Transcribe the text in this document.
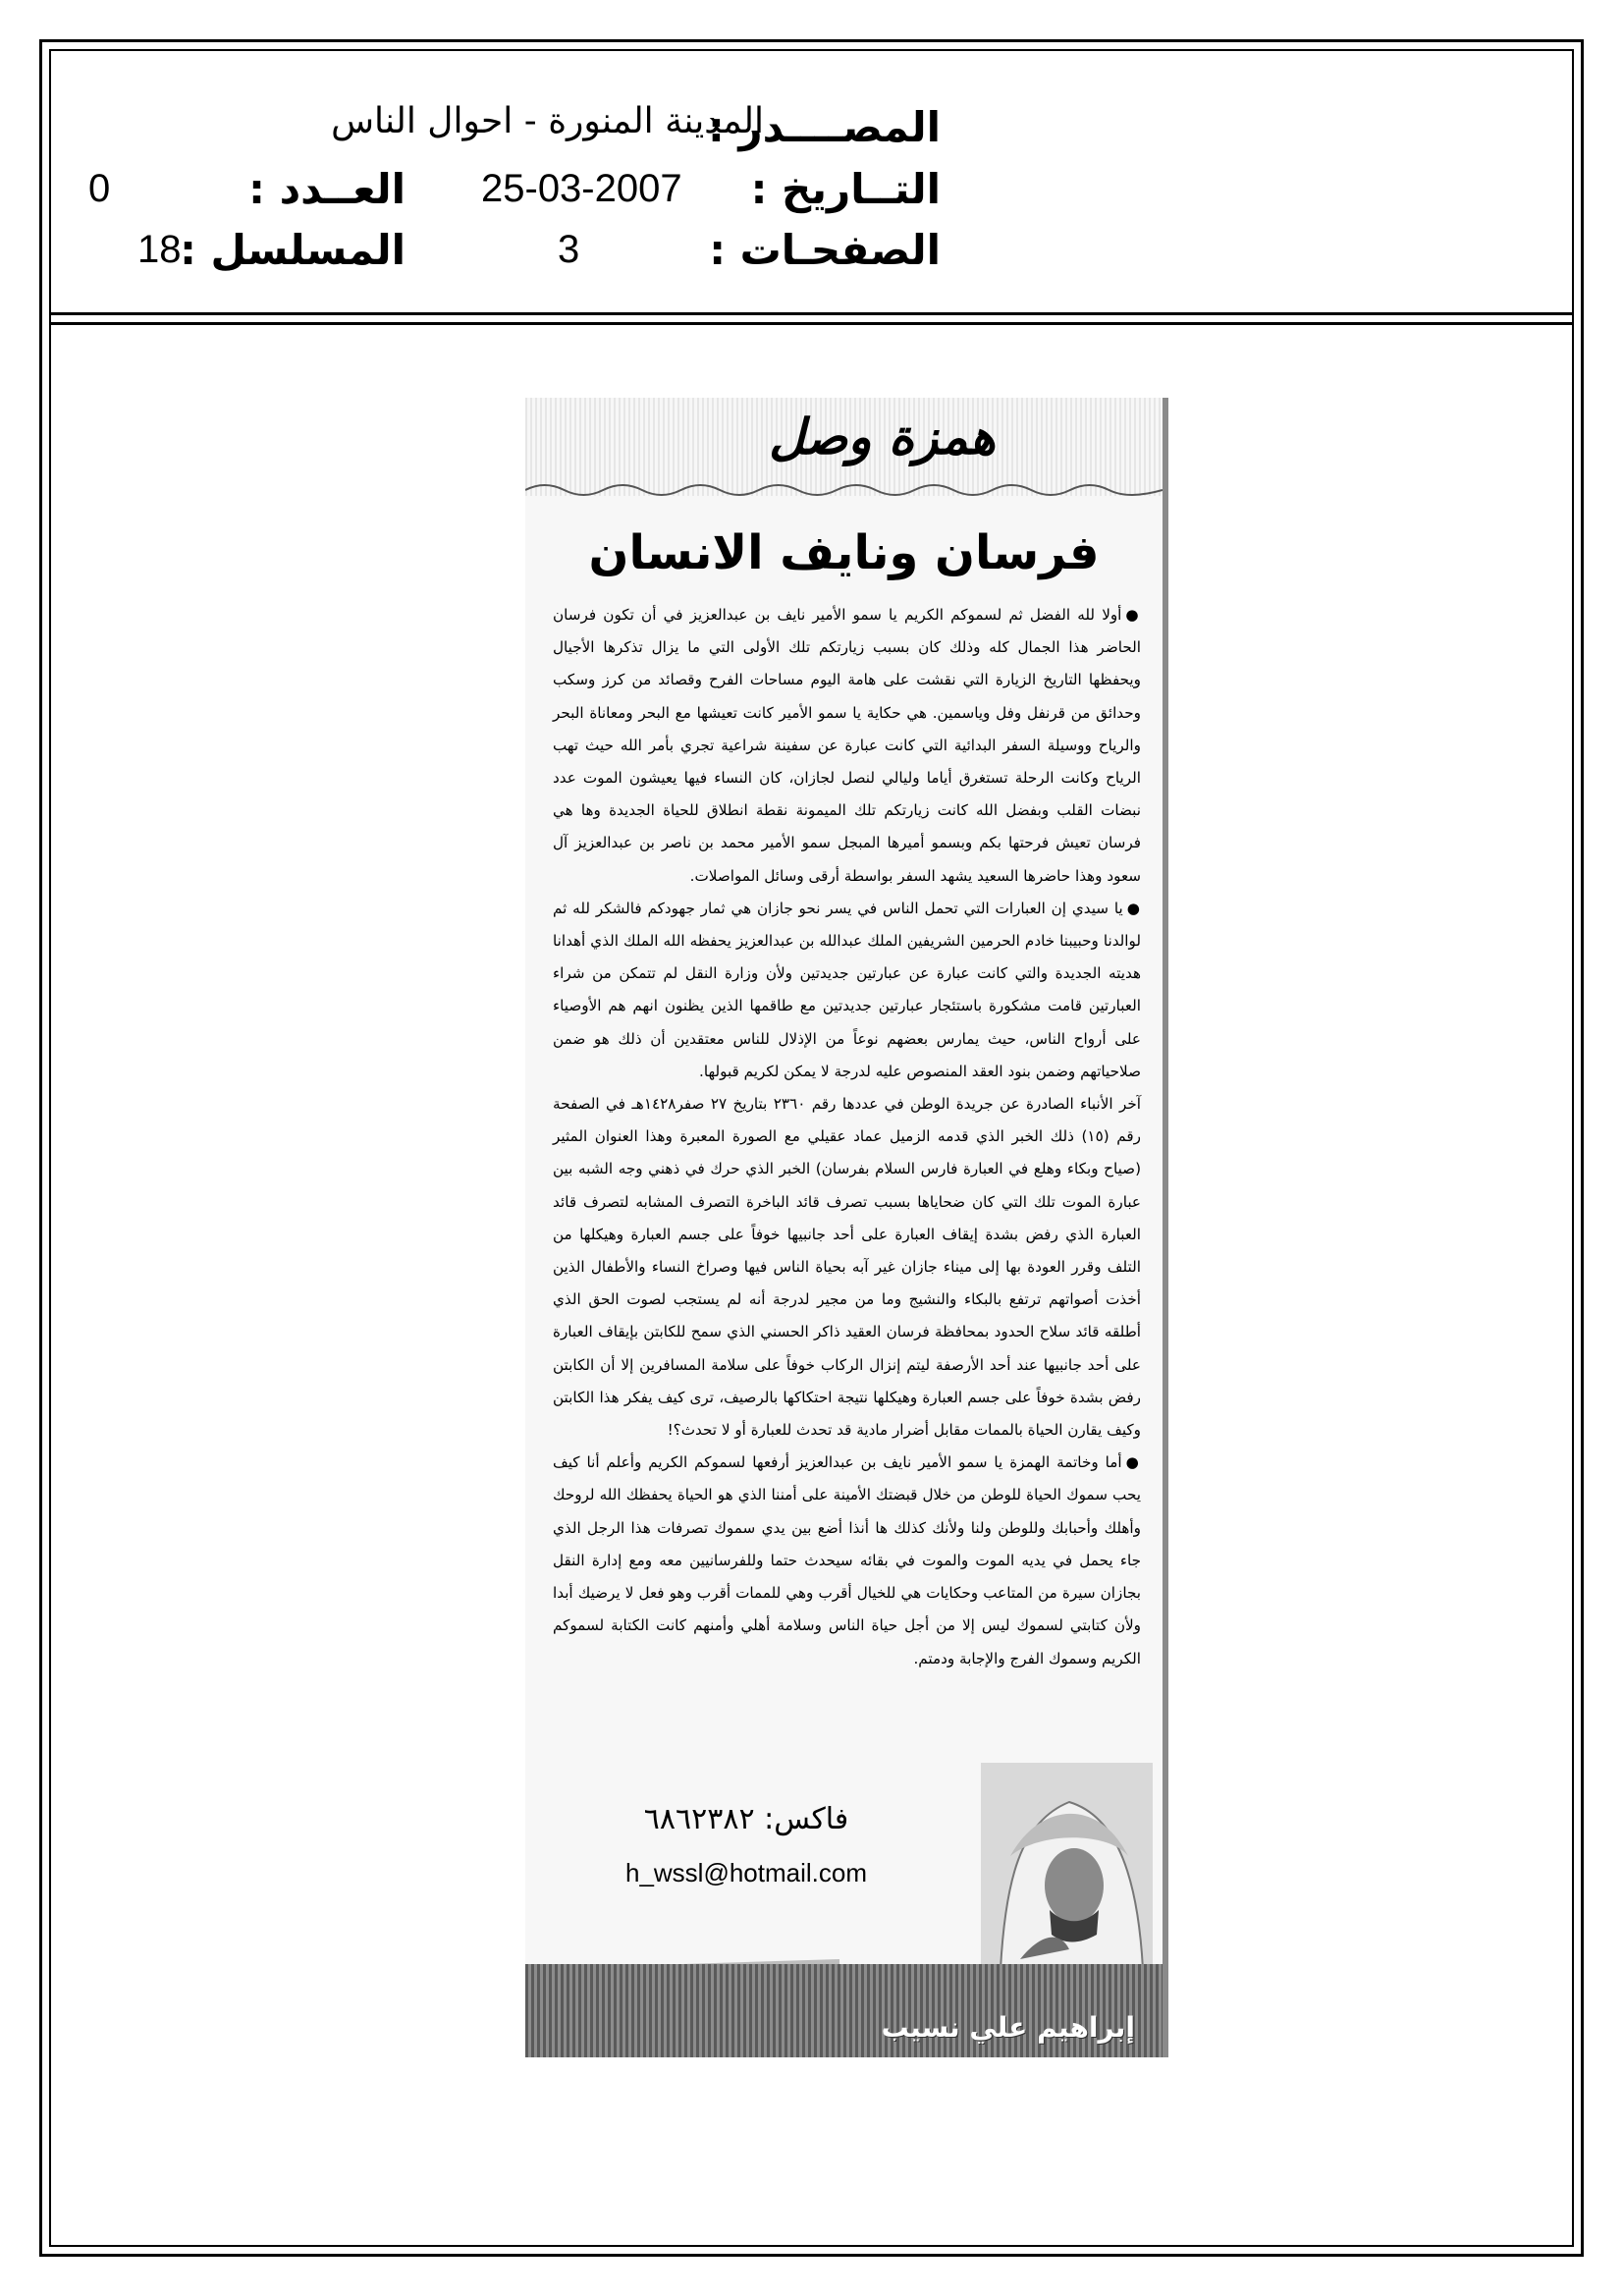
المصــــدر :
المدينة المنورة - احوال الناس
التــاريخ :
25-03-2007
العــدد :
0
الصفحـات :
3
المسلسل :
18
همزة وصل
فرسان ونايف الانسان

●أولا لله الفضل ثم لسموكم الكريم يا سمو الأمير نايف بن عبدالعزيز في أن تكون فرسان الحاضر هذا الجمال كله وذلك كان بسبب زيارتكم تلك الأولى التي ما يزال تذكرها الأجيال ويحفظها التاريخ الزيارة التي نقشت على هامة اليوم مساحات الفرح وقصائد من كرز وسكب وحدائق من قرنفل وفل وياسمين. هي حكاية يا سمو الأمير كانت تعيشها مع البحر ومعاناة البحر والرياح ووسيلة السفر البدائية التي كانت عبارة عن سفينة شراعية تجري بأمر الله حيث تهب الرياح وكانت الرحلة تستغرق أياما وليالي لنصل لجازان، كان النساء فيها يعيشون الموت عدد نبضات القلب وبفضل الله كانت زيارتكم تلك الميمونة نقطة انطلاق للحياة الجديدة وها هي فرسان تعيش فرحتها بكم وبسمو أميرها المبجل سمو الأمير محمد بن ناصر بن عبدالعزيز آل سعود وهذا حاضرها السعيد يشهد السفر بواسطة أرقى وسائل المواصلات.

●يا سيدي إن العبارات التي تحمل الناس في يسر نحو جازان هي ثمار جهودكم فالشكر لله ثم لوالدنا وحبيبنا خادم الحرمين الشريفين الملك عبدالله بن عبدالعزيز يحفظه الله الملك الذي أهدانا هديته الجديدة والتي كانت عبارة عن عبارتين جديدتين ولأن وزارة النقل لم تتمكن من شراء العبارتين قامت مشكورة باستئجار عبارتين جديدتين مع طاقمها الذين يظنون انهم هم الأوصياء على أرواح الناس، حيث يمارس بعضهم نوعاً من الإذلال للناس معتقدين أن ذلك هو ضمن صلاحياتهم وضمن بنود العقد المنصوص عليه لدرجة لا يمكن لكريم قبولها.

آخر الأنباء الصادرة عن جريدة الوطن في عددها رقم ٢٣٦٠ بتاريخ ٢٧ صفر١٤٢٨هـ في الصفحة رقم (١٥) ذلك الخبر الذي قدمه الزميل عماد عقيلي مع الصورة المعبرة وهذا العنوان المثير (صياح وبكاء وهلع في العبارة فارس السلام بفرسان) الخبر الذي حرك في ذهني وجه الشبه بين عبارة الموت تلك التي كان ضحاياها بسبب تصرف قائد الباخرة التصرف المشابه لتصرف قائد العبارة الذي رفض بشدة إيقاف العبارة على أحد جانبيها خوفاً على جسم العبارة وهيكلها من التلف وقرر العودة بها إلى ميناء جازان غير آبه بحياة الناس فيها وصراخ النساء والأطفال الذين أخذت أصواتهم ترتفع بالبكاء والنشيج وما من مجير لدرجة أنه لم يستجب لصوت الحق الذي أطلقه قائد سلاح الحدود بمحافظة فرسان العقيد ذاكر الحسني الذي سمح للكابتن بإيقاف العبارة على أحد جانبيها عند أحد الأرصفة ليتم إنزال الركاب خوفاً على سلامة المسافرين إلا أن الكابتن رفض بشدة خوفاً على جسم العبارة وهيكلها نتيجة احتكاكها بالرصيف، ترى كيف يفكر هذا الكابتن وكيف يقارن الحياة بالممات مقابل أضرار مادية قد تحدث للعبارة أو لا تحدث؟!

●أما وخاتمة الهمزة يا سمو الأمير نايف بن عبدالعزيز أرفعها لسموكم الكريم وأعلم أنا كيف يحب سموك الحياة للوطن من خلال قبضتك الأمينة على أمننا الذي هو الحياة يحفظك الله لروحك وأهلك وأحبابك وللوطن ولنا ولأنك كذلك ها أنذا أضع بين يدي سموك تصرفات هذا الرجل الذي جاء يحمل في يديه الموت والموت في بقائه سيحدث حتما وللفرسانيين معه ومع إدارة النقل بجازان سيرة من المتاعب وحكايات هي للخيال أقرب وهي للممات أقرب وهو فعل لا يرضيك أبدا ولأن كتابتي لسموك ليس إلا من أجل حياة الناس وسلامة أهلي وأمنهم كانت الكتابة لسموكم الكريم وسموك الفرج والإجابة ودمتم.

فاكس: ٦٨٦٢٣٨٢
h_wssl@hotmail.com
إبراهيم علي نسيب
